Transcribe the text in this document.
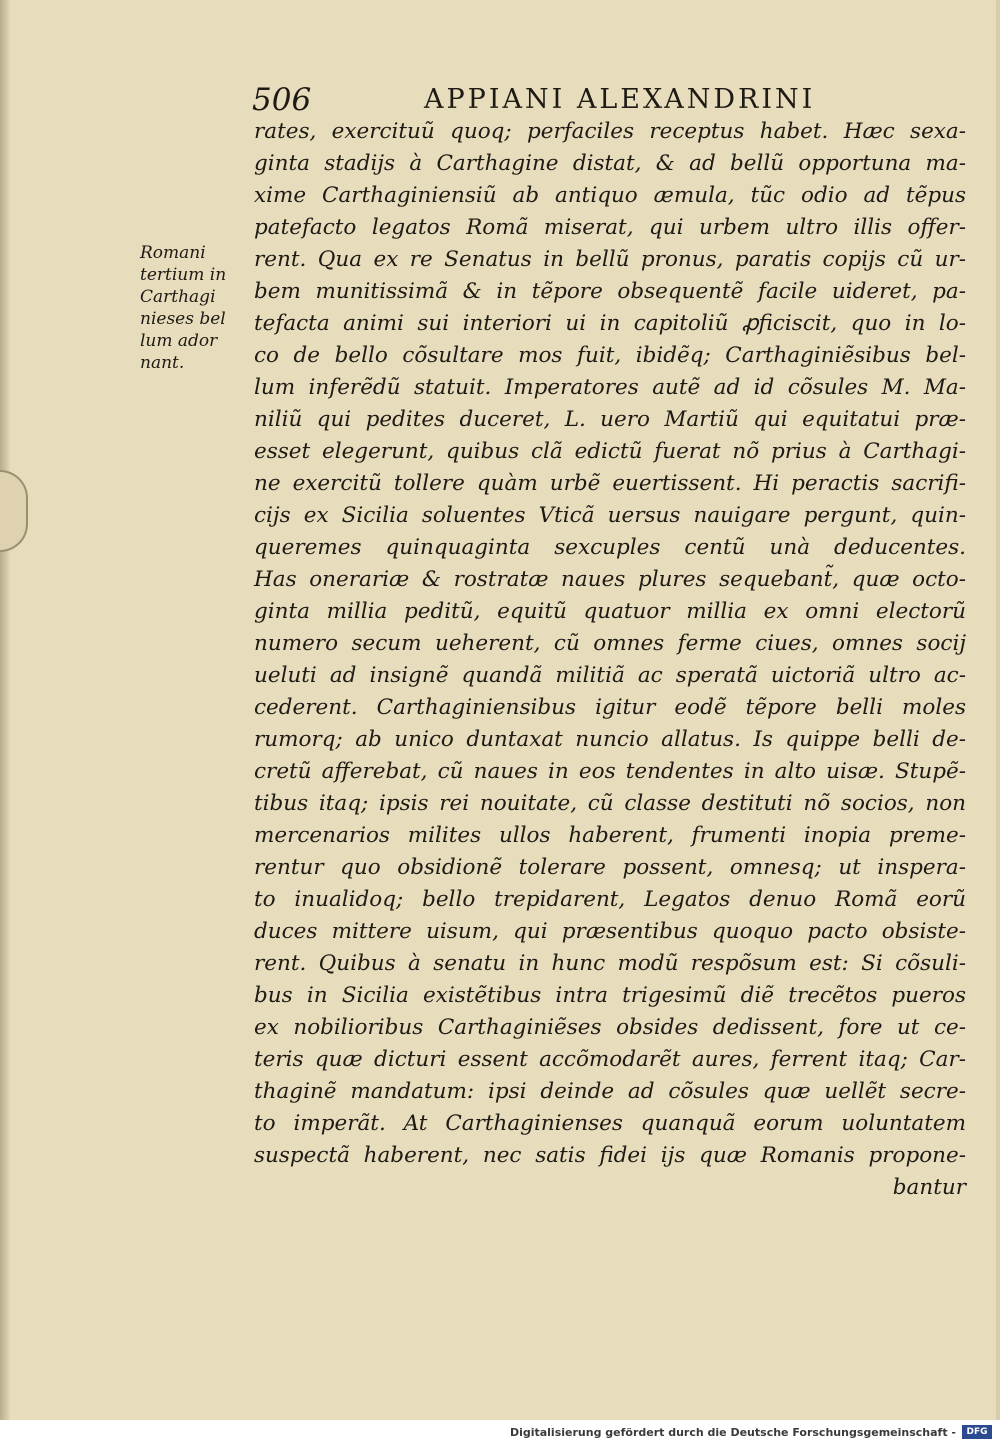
506	APPIANI ALEXANDRINI
Romani
tertium in
Carthagi
nieses bel
lum ador
nant.
rates, exercituũ quoq; perfaciles receptus habet. Hæc sexa-
ginta stadijs à Carthagine distat, & ad bellũ opportuna ma-
xime Carthaginiensiũ ab antiquo æmula, tũc odio ad tẽpus
patefacto legatos Romã miserat, qui urbem ultro illis offer-
rent. Qua ex re Senatus in bellũ pronus, paratis copijs cũ ur-
bem munitissimã & in tẽpore obsequentẽ facile uideret, pa-
tefacta animi sui interiori ui in capitoliũ ꝓficiscit, quo in lo-
co de bello cõsultare mos fuit, ibidẽq; Carthaginiẽsibus bel-
lum inferẽdũ statuit. Imperatores autẽ ad id cõsules M. Ma-
niliũ qui pedites duceret, L. uero Martiũ qui equitatui præ-
esset elegerunt, quibus clã edictũ fuerat nõ prius à Carthagi-
ne exercitũ tollere quàm urbẽ euertissent. Hi peractis sacrifi-
cijs ex Sicilia soluentes Vticã uersus nauigare pergunt, quin-
queremes quinquaginta sexcuples centũ unà deducentes.
Has onerariæ & rostratæ naues plures sequebant̃, quæ octo-
ginta millia peditũ, equitũ quatuor millia ex omni electorũ
numero secum ueherent, cũ omnes ferme ciues, omnes socij
ueluti ad insignẽ quandã militiã ac speratã uictoriã ultro ac-
cederent. Carthaginiensibus igitur eodẽ tẽpore belli moles
rumorq; ab unico duntaxat nuncio allatus. Is quippe belli de-
cretũ afferebat, cũ naues in eos tendentes in alto uisæ. Stupẽ-
tibus itaq; ipsis rei nouitate, cũ classe destituti nõ socios, non
mercenarios milites ullos haberent, frumenti inopia preme-
rentur quo obsidionẽ tolerare possent, omnesq; ut inspera-
to inualidoq; bello trepidarent, Legatos denuo Romã eorũ
duces mittere uisum, qui præsentibus quoquo pacto obsiste-
rent. Quibus à senatu in hunc modũ respõsum est: Si cõsuli-
bus in Sicilia existẽtibus intra trigesimũ diẽ trecẽtos pueros
ex nobilioribus Carthaginiẽses obsides dedissent, fore ut ce-
teris quæ dicturi essent accõmodarẽt aures, ferrent itaq; Car-
thaginẽ mandatum: ipsi deinde ad cõsules quæ uellẽt secre-
to imperãt. At Carthaginienses quanquã eorum uoluntatem
suspectã haberent, nec satis fidei ijs quæ Romanis propone-
bantur
Digitalisierung gefördert durch die Deutsche Forschungsgemeinschaft -	DFG
